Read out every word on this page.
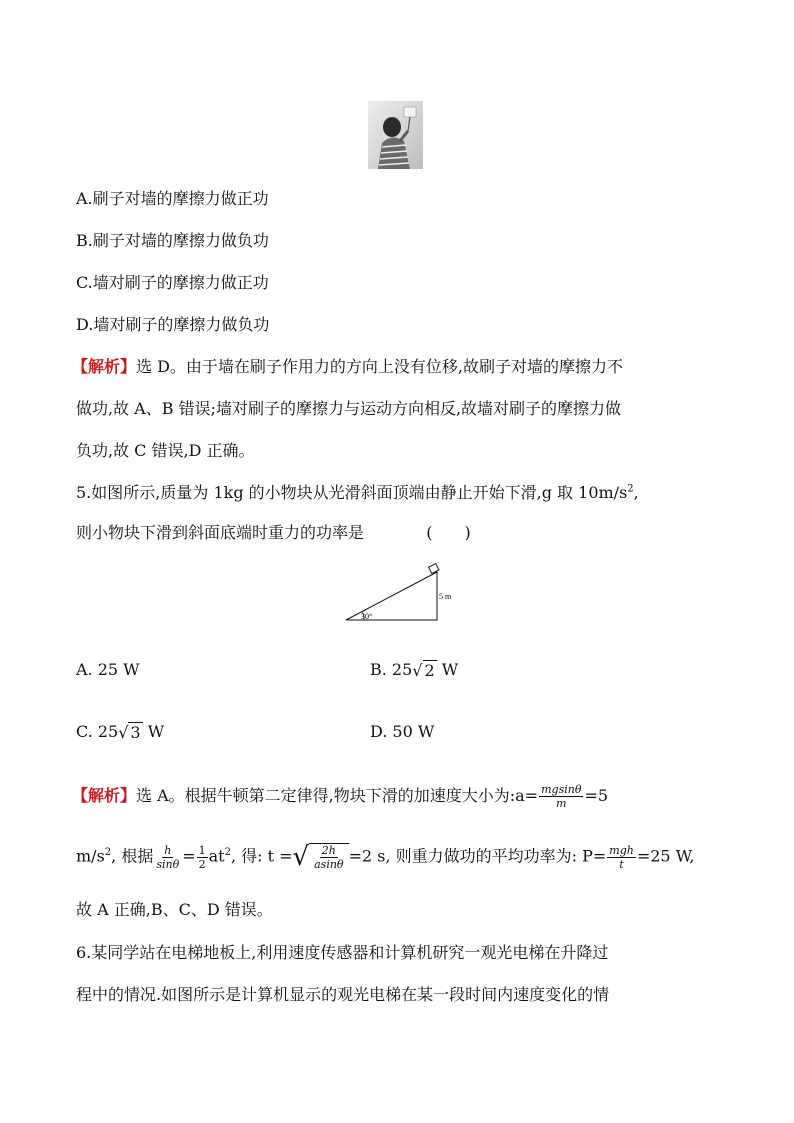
A.刷子对墙的摩擦力做正功
B.刷子对墙的摩擦力做负功
C.墙对刷子的摩擦力做正功
D.墙对刷子的摩擦力做负功
【解析】选 D。由于墙在刷子作用力的方向上没有位移,故刷子对墙的摩擦力不
做功,故 A、B 错误;墙对刷子的摩擦力与运动方向相反,故墙对刷子的摩擦力做
负功,故 C 错误,D 正确。
5.如图所示,质量为 1kg 的小物块从光滑斜面顶端由静止开始下滑,g 取 $10m/s^2$,
则小物块下滑到斜面底端时重力的功率是	(　　)
30°
5 m
A. 25 W	B. 25√ 2 W
C. 25√ 3 W	D. 50 W
【解析】选 A。根据牛顿第二定律得,物块下滑的加速度大小为:a= $\frac{mgsin\theta}{m} =5$
$m/s^2$, 根据 $\frac{h}{\sin\theta} = \frac{1}{2} at^2$, 得: t =√ $\frac{2h}{asin\theta} =2$ s, 则重力做功的平均功率为: $P= \frac{\text{mgh}}{t} =25$ W,
故 A 正确,B、C、D 错误。
6.某同学站在电梯地板上,利用速度传感器和计算机研究一观光电梯在升降过
程中的情况.如图所示是计算机显示的观光电梯在某一段时间内速度变化的情
